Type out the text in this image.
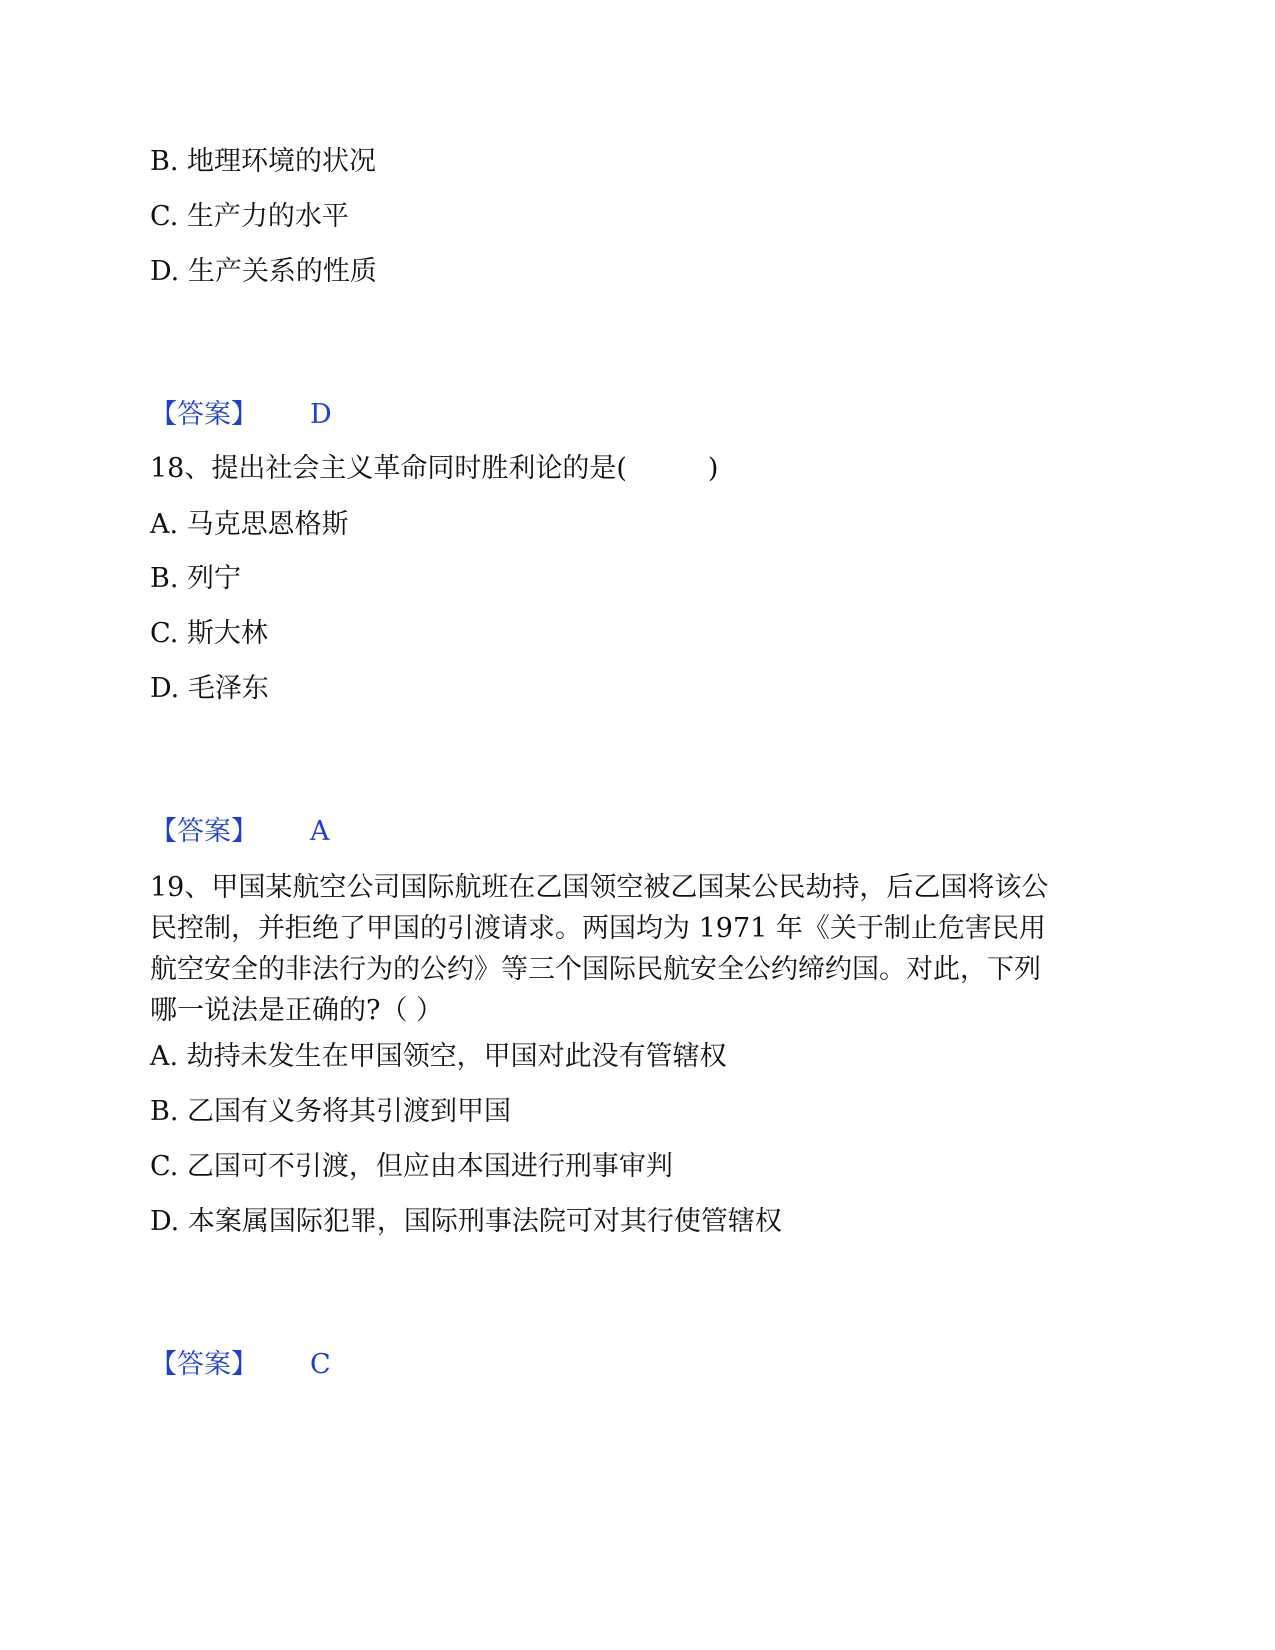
B. 地理环境的状况
C. 生产力的水平
D. 生产关系的性质
【答案】 D
18、提出社会主义革命同时胜利论的是(　　　)
A. 马克思恩格斯
B. 列宁
C. 斯大林
D. 毛泽东
【答案】 A

19、甲国某航空公司国际航班在乙国领空被乙国某公民劫持，后乙国将该公

民控制，并拒绝了甲国的引渡请求。两国均为 1971 年《关于制止危害民用

航空安全的非法行为的公约》等三个国际民航安全公约缔约国。对此，下列

哪一说法是正确的?（ ）

A. 劫持未发生在甲国领空，甲国对此没有管辖权
B. 乙国有义务将其引渡到甲国
C. 乙国可不引渡，但应由本国进行刑事审判
D. 本案属国际犯罪，国际刑事法院可对其行使管辖权
【答案】 C
